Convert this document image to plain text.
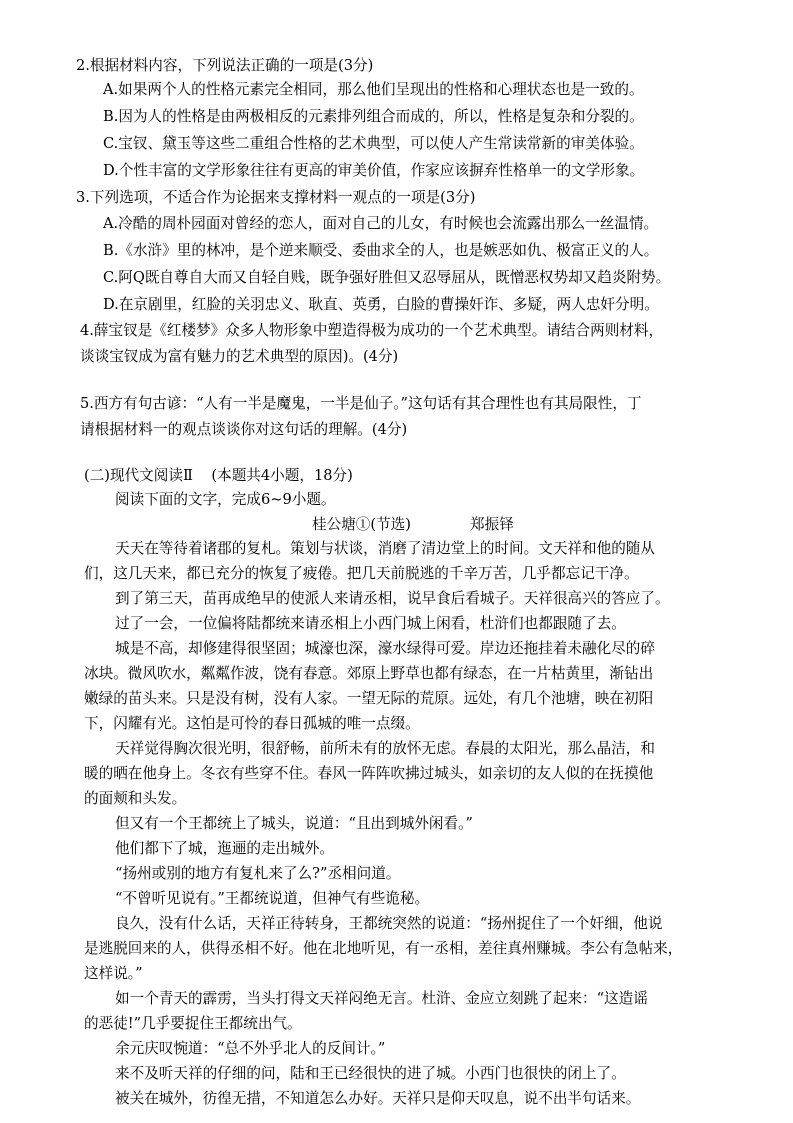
2.根据材料内容，下列说法正确的一项是(3分)
A.如果两个人的性格元素完全相同，那么他们呈现出的性格和心理状态也是一致的。
B.因为人的性格是由两极相反的元素排列组合而成的，所以，性格是复杂和分裂的。
C.宝钗、黛玉等这些二重组合性格的艺术典型，可以使人产生常读常新的审美体验。
D.个性丰富的文学形象往往有更高的审美价值，作家应该摒弃性格单一的文学形象。
3.下列选项，不适合作为论据来支撑材料一观点的一项是(3分)
A.冷酷的周朴园面对曾经的恋人，面对自己的儿女，有时候也会流露出那么一丝温情。
B.《水浒》里的林冲，是个逆来顺受、委曲求全的人，也是嫉恶如仇、极富正义的人。
C.阿Q既自尊自大而又自轻自贱，既争强好胜但又忍辱屈从，既憎恶权势却又趋炎附势。
D.在京剧里，红脸的关羽忠义、耿直、英勇，白脸的曹操奸诈、多疑，两人忠奸分明。
4.薛宝钗是《红楼梦》众多人物形象中塑造得极为成功的一个艺术典型。请结合两则材料，
谈谈宝钗成为富有魅力的艺术典型的原因)。(4分)
5.西方有句古谚：“人有一半是魔鬼，一半是仙子。”这句话有其合理性也有其局限性，丁
请根据材料一的观点谈谈你对这句话的理解。(4分)
(二)现代文阅读Ⅱ    (本题共4小题，18分)
阅读下面的文字，完成6~9小题。
桂公塘①(节选)	郑振铎
天天在等待着诸郡的复札。策划与状谈，消磨了清边堂上的时间。文天祥和他的随从
们，这几天来，都已充分的恢复了疲倦。把几天前脱逃的千辛万苦，几乎都忘记干净。
到了第三天，苗再成绝早的使派人来请丞相，说早食后看城子。天祥很高兴的答应了。
过了一会，一位偏将陆都统来请丞相上小西门城上闲看，杜浒们也都跟随了去。
城是不高，却修建得很坚固；城濠也深，濠水绿得可爱。岸边还拖挂着未融化尽的碎
冰块。微风吹水，粼粼作波，饶有春意。郊原上野草也都有绿态，在一片枯黄里，渐钻出
嫩绿的苗头来。只是没有树，没有人家。一望无际的荒原。远处，有几个池塘，映在初阳
下，闪耀有光。这怕是可怜的春日孤城的唯一点缀。
天祥觉得胸次很光明，很舒畅，前所未有的放怀无虑。春晨的太阳光，那么晶洁，和
暖的晒在他身上。冬衣有些穿不住。春风一阵阵吹拂过城头，如亲切的友人似的在抚摸他
的面颊和头发。
但又有一个王都统上了城头，说道：“且出到城外闲看。”
他们都下了城，迤逦的走出城外。
“扬州或别的地方有复札来了么?”丞相问道。
“不曾听见说有。”王都统说道，但神气有些诡秘。
良久，没有什么话，天祥正待转身，王都统突然的说道：“扬州捉住了一个奸细，他说
是逃脱回来的人，供得丞相不好。他在北地听见，有一丞相，差往真州赚城。李公有急帖来，
这样说。”
如一个青天的霹雳，当头打得文天祥闷绝无言。杜浒、金应立刻跳了起来：“这造谣
的恶徒!”几乎要捉住王都统出气。
余元庆叹惋道：“总不外乎北人的反间计。”
来不及听天祥的仔细的问，陆和王已经很快的进了城。小西门也很快的闭上了。
被关在城外，彷徨无措，不知道怎么办好。天祥只是仰天叹息，说不出半句话来。
